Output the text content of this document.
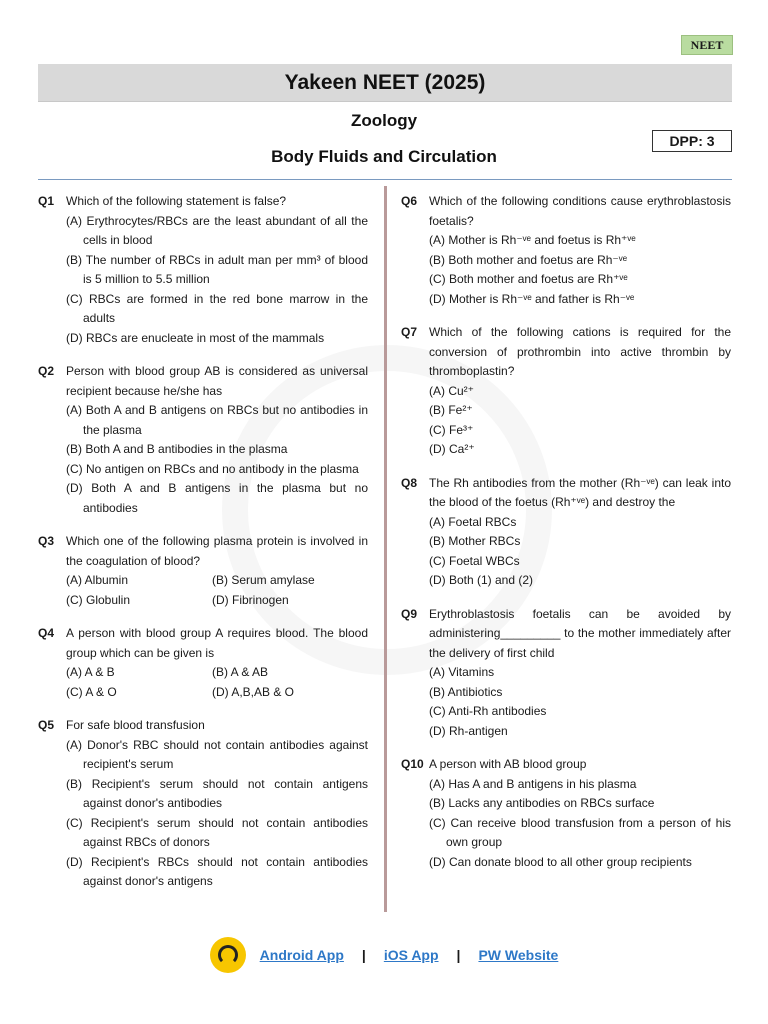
NEET
Yakeen NEET (2025)
Zoology
Body Fluids and Circulation
DPP: 3
Q1 Which of the following statement is false?
(A) Erythrocytes/RBCs are the least abundant of all the cells in blood
(B) The number of RBCs in adult man per mm³ of blood is 5 million to 5.5 million
(C) RBCs are formed in the red bone marrow in the adults
(D) RBCs are enucleate in most of the mammals
Q2 Person with blood group AB is considered as universal recipient because he/she has
(A) Both A and B antigens on RBCs but no antibodies in the plasma
(B) Both A and B antibodies in the plasma
(C) No antigen on RBCs and no antibody in the plasma
(D) Both A and B antigens in the plasma but no antibodies
Q3 Which one of the following plasma protein is involved in the coagulation of blood?
(A) Albumin	(B) Serum amylase
(C) Globulin	(D) Fibrinogen
Q4 A person with blood group A requires blood. The blood group which can be given is
(A) A & B	(B) A & AB
(C) A & O	(D) A,B,AB & O
Q5 For safe blood transfusion
(A) Donor's RBC should not contain antibodies against recipient's serum
(B) Recipient's serum should not contain antigens against donor's antibodies
(C) Recipient's serum should not contain antibodies against RBCs of donors
(D) Recipient's RBCs should not contain antibodies against donor's antigens
Q6 Which of the following conditions cause erythroblastosis foetalis?
(A) Mother is Rh⁻ᵛᵉ and foetus is Rh⁺ᵛᵉ
(B) Both mother and foetus are Rh⁻ᵛᵉ
(C) Both mother and foetus are Rh⁺ᵛᵉ
(D) Mother is Rh⁻ᵛᵉ and father is Rh⁻ᵛᵉ
Q7 Which of the following cations is required for the conversion of prothrombin into active thrombin by thromboplastin?
(A) Cu²⁺
(B) Fe²⁺
(C) Fe³⁺
(D) Ca²⁺
Q8 The Rh antibodies from the mother (Rh⁻ᵛᵉ) can leak into the blood of the foetus (Rh⁺ᵛᵉ) and destroy the
(A) Foetal RBCs
(B) Mother RBCs
(C) Foetal WBCs
(D) Both (1) and (2)
Q9 Erythroblastosis foetalis can be avoided by administering_________ to the mother immediately after the delivery of first child
(A) Vitamins
(B) Antibiotics
(C) Anti-Rh antibodies
(D) Rh-antigen
Q10 A person with AB blood group
(A) Has A and B antigens in his plasma
(B) Lacks any antibodies on RBCs surface
(C) Can receive blood transfusion from a person of his own group
(D) Can donate blood to all other group recipients
Android App | iOS App | PW Website
